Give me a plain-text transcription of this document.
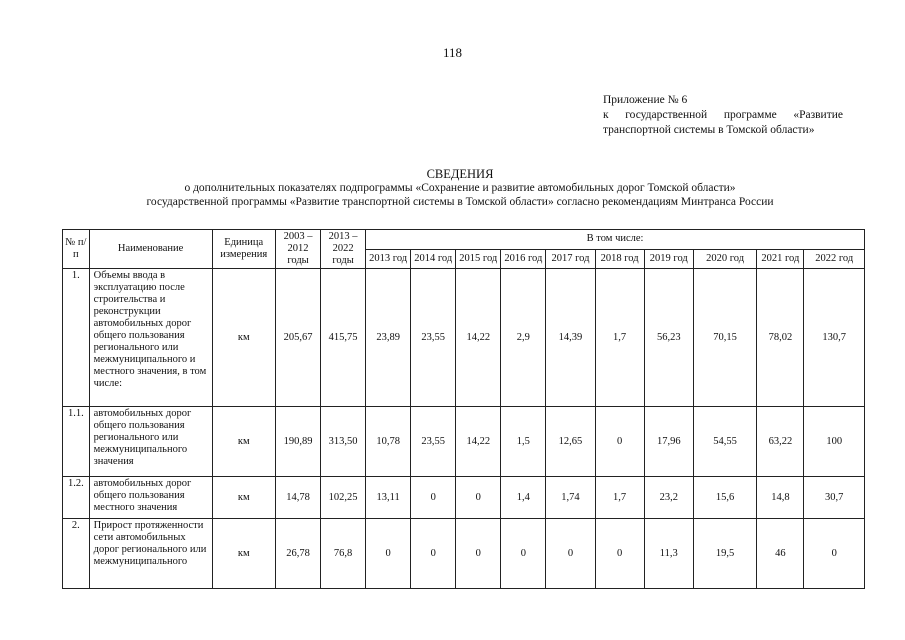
118
Приложение № 6
к государственной программе «Развитие
транспортной системы в Томской области»
СВЕДЕНИЯ
о дополнительных показателях подпрограммы «Сохранение и развитие автомобильных дорог Томской области»
государственной программы «Развитие транспортной системы в Томской области» согласно рекомендациям Минтранса России
№ п/п	Наименование	Единица измерения	2003 – 2012 годы	2013 – 2022 годы	В том числе:									
					2013 год	2014 год	2015 год	2016 год	2017 год	2018 год	2019 год	2020 год	2021 год	2022 год
1.	Объемы ввода в эксплуатацию после строительства и реконструкции автомобильных дорог общего пользования регионального или межмуниципального и местного значения, в том числе:	км	205,67	415,75	23,89	23,55	14,22	2,9	14,39	1,7	56,23	70,15	78,02	130,7
1.1.	автомобильных дорог общего пользования регионального или межмуниципального значения	км	190,89	313,50	10,78	23,55	14,22	1,5	12,65	0	17,96	54,55	63,22	100
1.2.	автомобильных дорог общего пользования местного значения	км	14,78	102,25	13,11	0	0	1,4	1,74	1,7	23,2	15,6	14,8	30,7
2.	Прирост протяженности сети автомобильных дорог регионального или межмуниципального	км	26,78	76,8	0	0	0	0	0	0	11,3	19,5	46	0
